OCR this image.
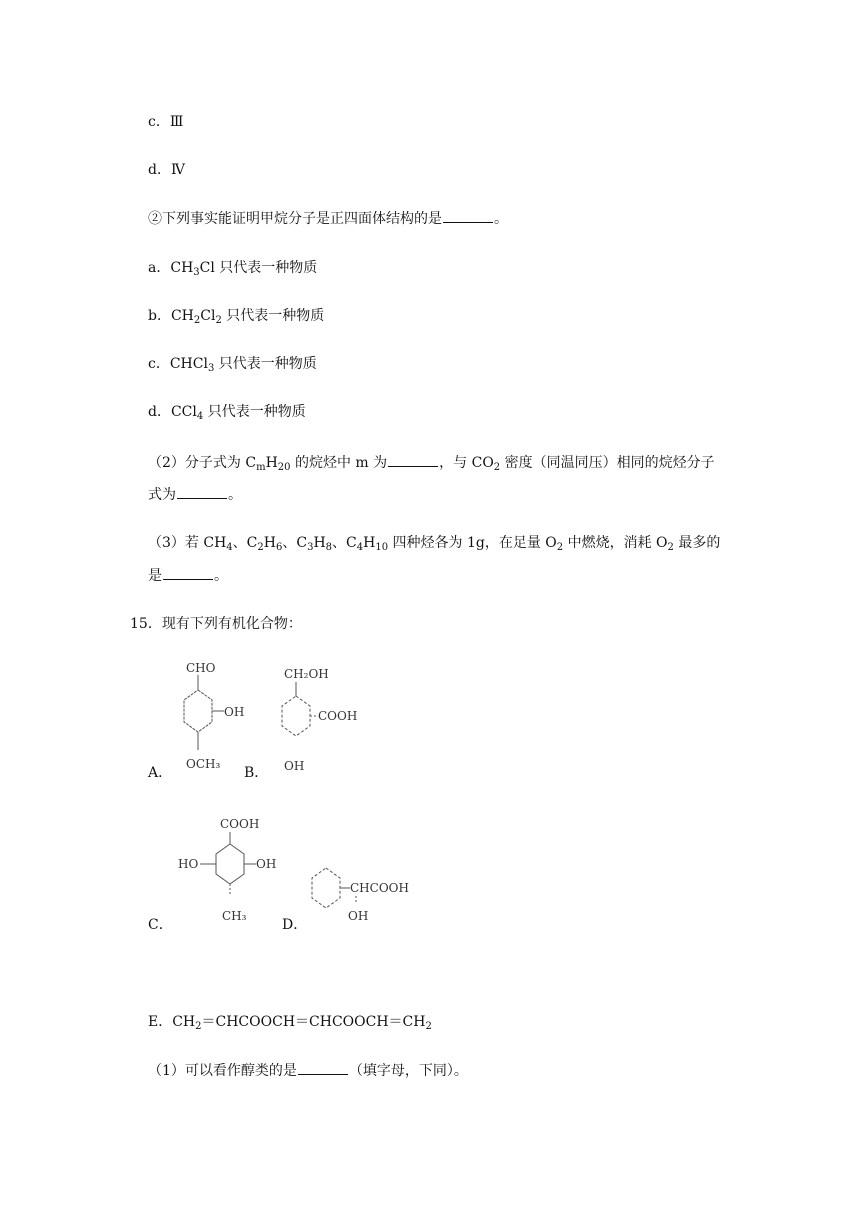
c．Ⅲ
d．Ⅳ
②下列事实能证明甲烷分子是正四面体结构的是	。
a．$CH_3Cl$ 只代表一种物质
b．$CH_2Cl_2$ 只代表一种物质
c．CHCl$_3$ 只代表一种物质
d．CCl$_4$ 只代表一种物质
（2）分子式为 $C_mH_{20}$ 的烷烃中 m 为	，与 $CO_2$ 密度（同温同压）相同的烷烃分子
式为	。
（3）若 $CH_4$、$C_2H_6$、$C_3H_8$、$C_4H_{10}$ 四种烃各为 1g，在足量 $O_2$ 中燃烧，消耗 $O_2$ 最多的
是	。
15．现有下列有机化合物：
A．
CHO
OH
OCH₃
B．
CH₂OH
COOH
OH
C．
COOH
HO	OH
CH₃
D．
CHCOOH
OH
E．$CH_2=CHCOOCH=CHCOOCH=CH_2$
（1）可以看作醇类的是	（填字母，下同）。
